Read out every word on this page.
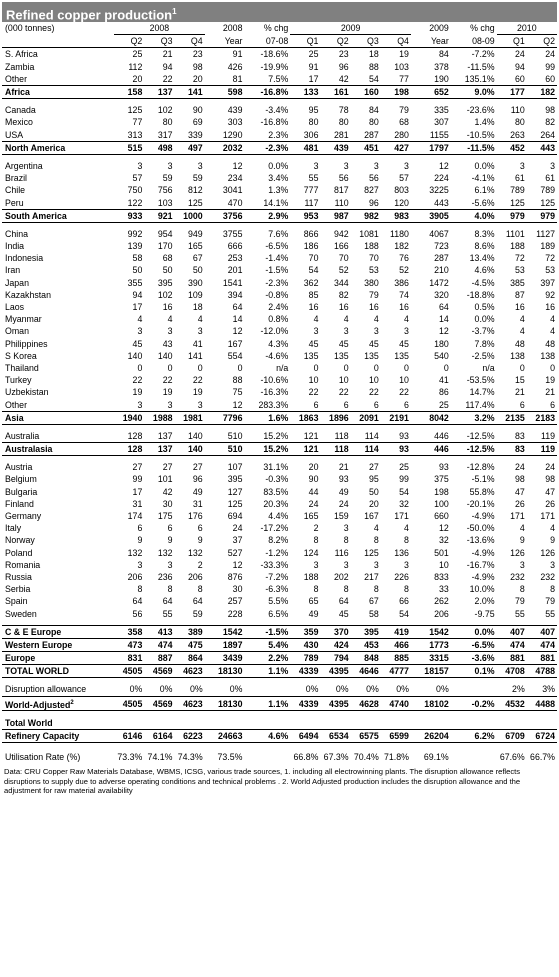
Refined copper production$^1$
(000 tonnes)	2008			2008	% chg	2009				2009	% chg	2010	
	Q2	Q3	Q4	Year	07-08	Q1	Q2	Q3	Q4	Year	08-09	Q1	Q2
S. Africa	25	21	23	91	-18.6%	25	23	18	19	84	-7.2%	24	24
Zambia	112	94	98	426	-19.9%	91	96	88	103	378	-11.5%	94	99
Other	20	22	20	81	7.5%	17	42	54	77	190	135.1%	60	60
Africa	158	137	141	598	-16.8%	133	161	160	198	652	9.0%	177	182

Canada	125	102	90	439	-3.4%	95	78	84	79	335	-23.6%	110	98
Mexico	77	80	69	303	-16.8%	80	80	80	68	307	1.4%	80	82
USA	313	317	339	1290	2.3%	306	281	287	280	1155	-10.5%	263	264
North America	515	498	497	2032	-2.3%	481	439	451	427	1797	-11.5%	452	443

Argentina	3	3	3	12	0.0%	3	3	3	3	12	0.0%	3	3
Brazil	57	59	59	234	3.4%	55	56	56	57	224	-4.1%	61	61
Chile	750	756	812	3041	1.3%	777	817	827	803	3225	6.1%	789	789
Peru	122	103	125	470	14.1%	117	110	96	120	443	-5.6%	125	125
South America	933	921	1000	3756	2.9%	953	987	982	983	3905	4.0%	979	979

China	992	954	949	3755	7.6%	866	942	1081	1180	4067	8.3%	1101	1127
India	139	170	165	666	-6.5%	186	166	188	182	723	8.6%	188	189
Indonesia	58	68	67	253	-1.4%	70	70	70	76	287	13.4%	72	72
Iran	50	50	50	201	-1.5%	54	52	53	52	210	4.6%	53	53
Japan	355	395	390	1541	-2.3%	362	344	380	386	1472	-4.5%	385	397
Kazakhstan	94	102	109	394	-0.8%	85	82	79	74	320	-18.8%	87	92
Laos	17	16	18	64	2.4%	16	16	16	16	64	0.5%	16	16
Myanmar	4	4	4	14	0.8%	4	4	4	4	14	0.0%	4	4
Oman	3	3	3	12	-12.0%	3	3	3	3	12	-3.7%	4	4
Philippines	45	43	41	167	4.3%	45	45	45	45	180	7.8%	48	48
S Korea	140	140	141	554	-4.6%	135	135	135	135	540	-2.5%	138	138
Thailand	0	0	0	0	n/a	0	0	0	0	0	n/a	0	0
Turkey	22	22	22	88	-10.6%	10	10	10	10	41	-53.5%	15	19
Uzbekistan	19	19	19	75	-16.3%	22	22	22	22	86	14.7%	21	21
Other	3	3	3	12	283.3%	6	6	6	6	25	117.4%	6	6
Asia	1940	1988	1981	7796	1.6%	1863	1896	2091	2191	8042	3.2%	2135	2183

Australia	128	137	140	510	15.2%	121	118	114	93	446	-12.5%	83	119
Australasia	128	137	140	510	15.2%	121	118	114	93	446	-12.5%	83	119

Austria	27	27	27	107	31.1%	20	21	27	25	93	-12.8%	24	24
Belgium	99	101	96	395	-0.3%	90	93	95	99	375	-5.1%	98	98
Bulgaria	17	42	49	127	83.5%	44	49	50	54	198	55.8%	47	47
Finland	31	30	31	125	20.3%	24	24	20	32	100	-20.1%	26	26
Germany	174	175	176	694	4.4%	165	159	167	171	660	-4.9%	171	171
Italy	6	6	6	24	-17.2%	2	3	4	4	12	-50.0%	4	4
Norway	9	9	9	37	8.2%	8	8	8	8	32	-13.6%	9	9
Poland	132	132	132	527	-1.2%	124	116	125	136	501	-4.9%	126	126
Romania	3	3	2	12	-33.3%	3	3	3	3	10	-16.7%	3	3
Russia	206	236	206	876	-7.2%	188	202	217	226	833	-4.9%	232	232
Serbia	8	8	8	30	-6.3%	8	8	8	8	33	10.0%	8	8
Spain	64	64	64	257	5.5%	65	64	67	66	262	2.0%	79	79
Sweden	56	55	59	228	6.5%	49	45	58	54	206	-9.75	55	55

C & E Europe	358	413	389	1542	-1.5%	359	370	395	419	1542	0.0%	407	407
Western Europe	473	474	475	1897	5.4%	430	424	453	466	1773	-6.5%	474	474
Europe	831	887	864	3439	2.2%	789	794	848	885	3315	-3.6%	881	881
TOTAL WORLD	4505	4569	4623	18130	1.1%	4339	4395	4646	4777	18157	0.1%	4708	4788

Disruption allowance	0%	0%	0%	0%		0%	0%	0%	0%	0%		2%	3%
World-Adjusted$^2$	4505	4569	4623	18130	1.1%	4339	4395	4628	4740	18102	-0.2%	4532	4488

Total World													
Refinery Capacity	6146	6164	6223	24663	4.6%	6494	6534	6575	6599	26204	6.2%	6709	6724

Utilisation Rate (%)	73.3%	74.1%	74.3%	73.5%		66.8%	67.3%	70.4%	71.8%	69.1%		67.6%	66.7%
Data: CRU Copper Raw Materials Database, WBMS, ICSG, various trade sources, 1. including all electrowinning plants. The disruption allowance reflects disruptions to supply due to adverse operating conditions and technical problems . 2. World Adjusted production includes the disruption allowance and the adjustment for raw material availability
